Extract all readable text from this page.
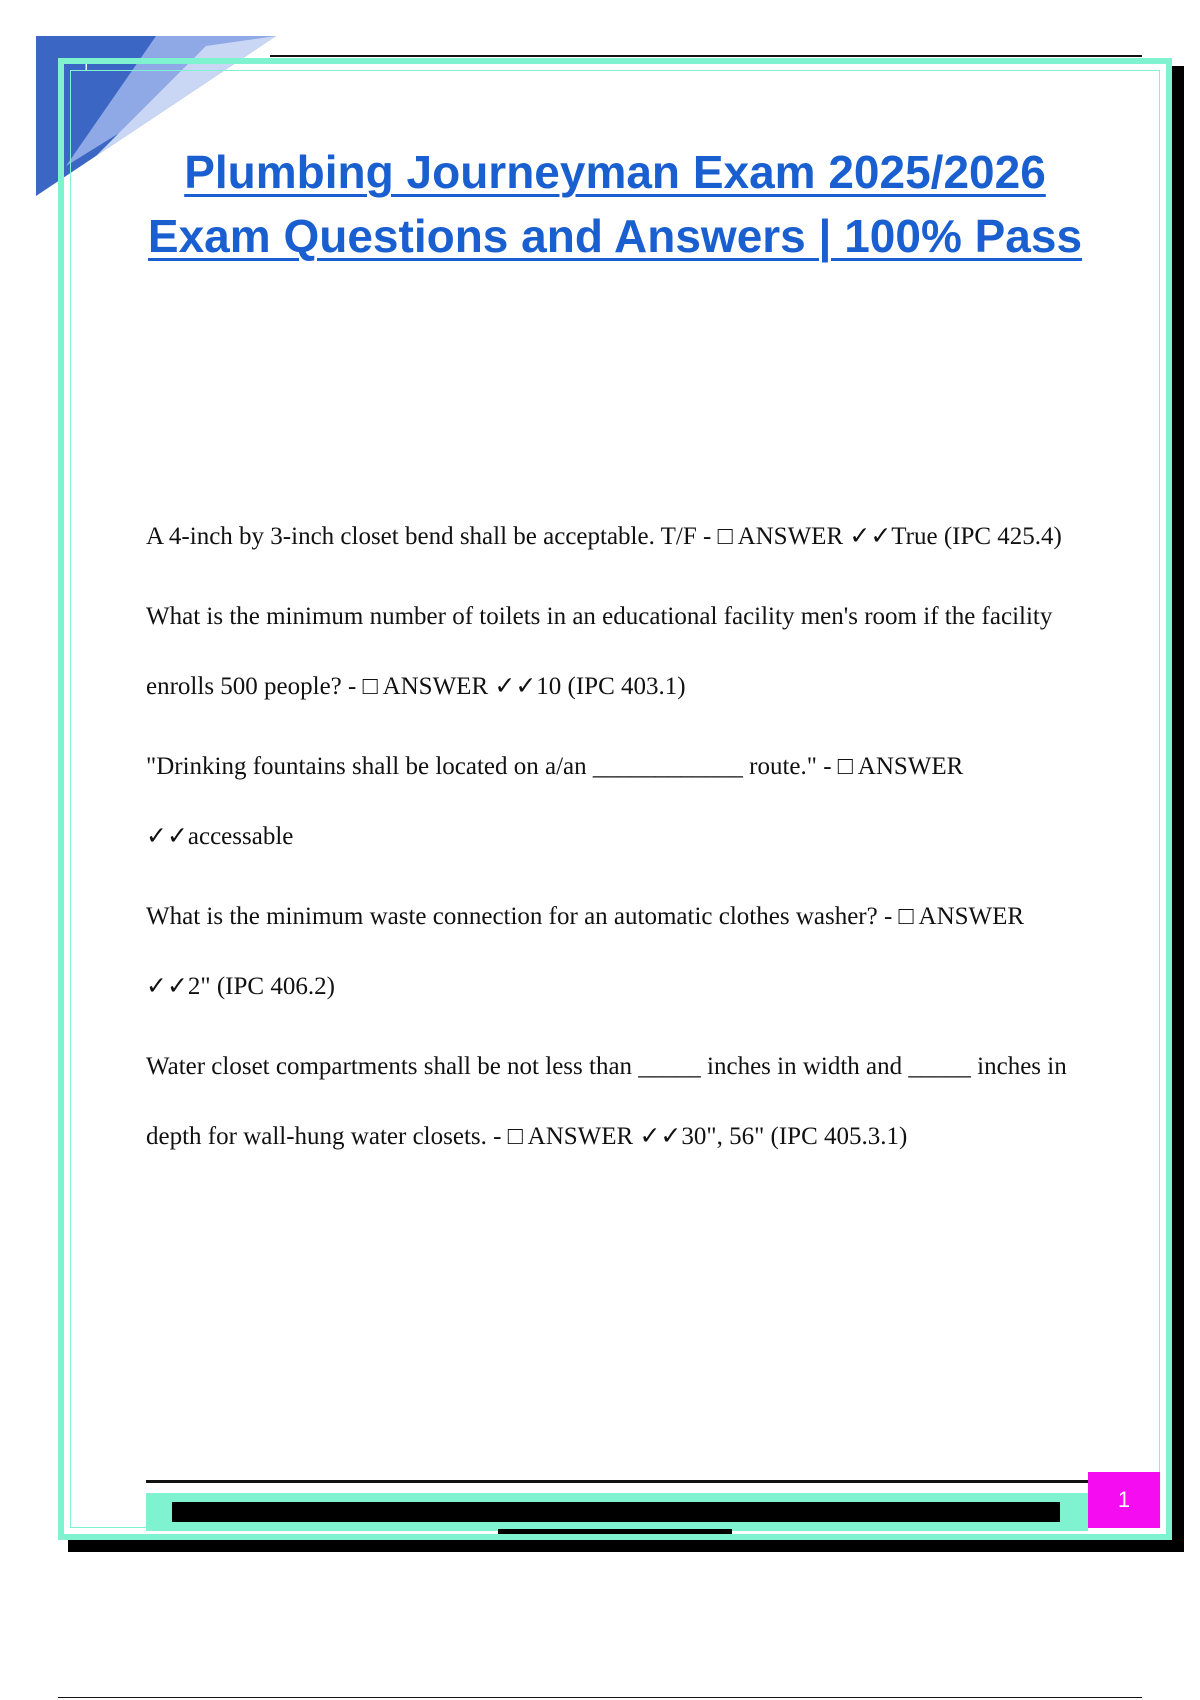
1
Plumbing Journeyman Exam 2025/2026 Exam Questions and Answers | 100% Pass

A 4-inch by 3-inch closet bend shall be acceptable. T/F - □ ANSWER ✓✓True (IPC 425.4)

What is the minimum number of toilets in an educational facility men's room if the facility enrolls 500 people? - □ ANSWER ✓✓10 (IPC 403.1)

"Drinking fountains shall be located on a/an ____________ route." - □ ANSWER ✓✓accessable

What is the minimum waste connection for an automatic clothes washer? - □ ANSWER ✓✓2" (IPC 406.2)

Water closet compartments shall be not less than _____ inches in width and _____ inches in depth for wall-hung water closets. - □ ANSWER ✓✓30", 56" (IPC 405.3.1)

1
